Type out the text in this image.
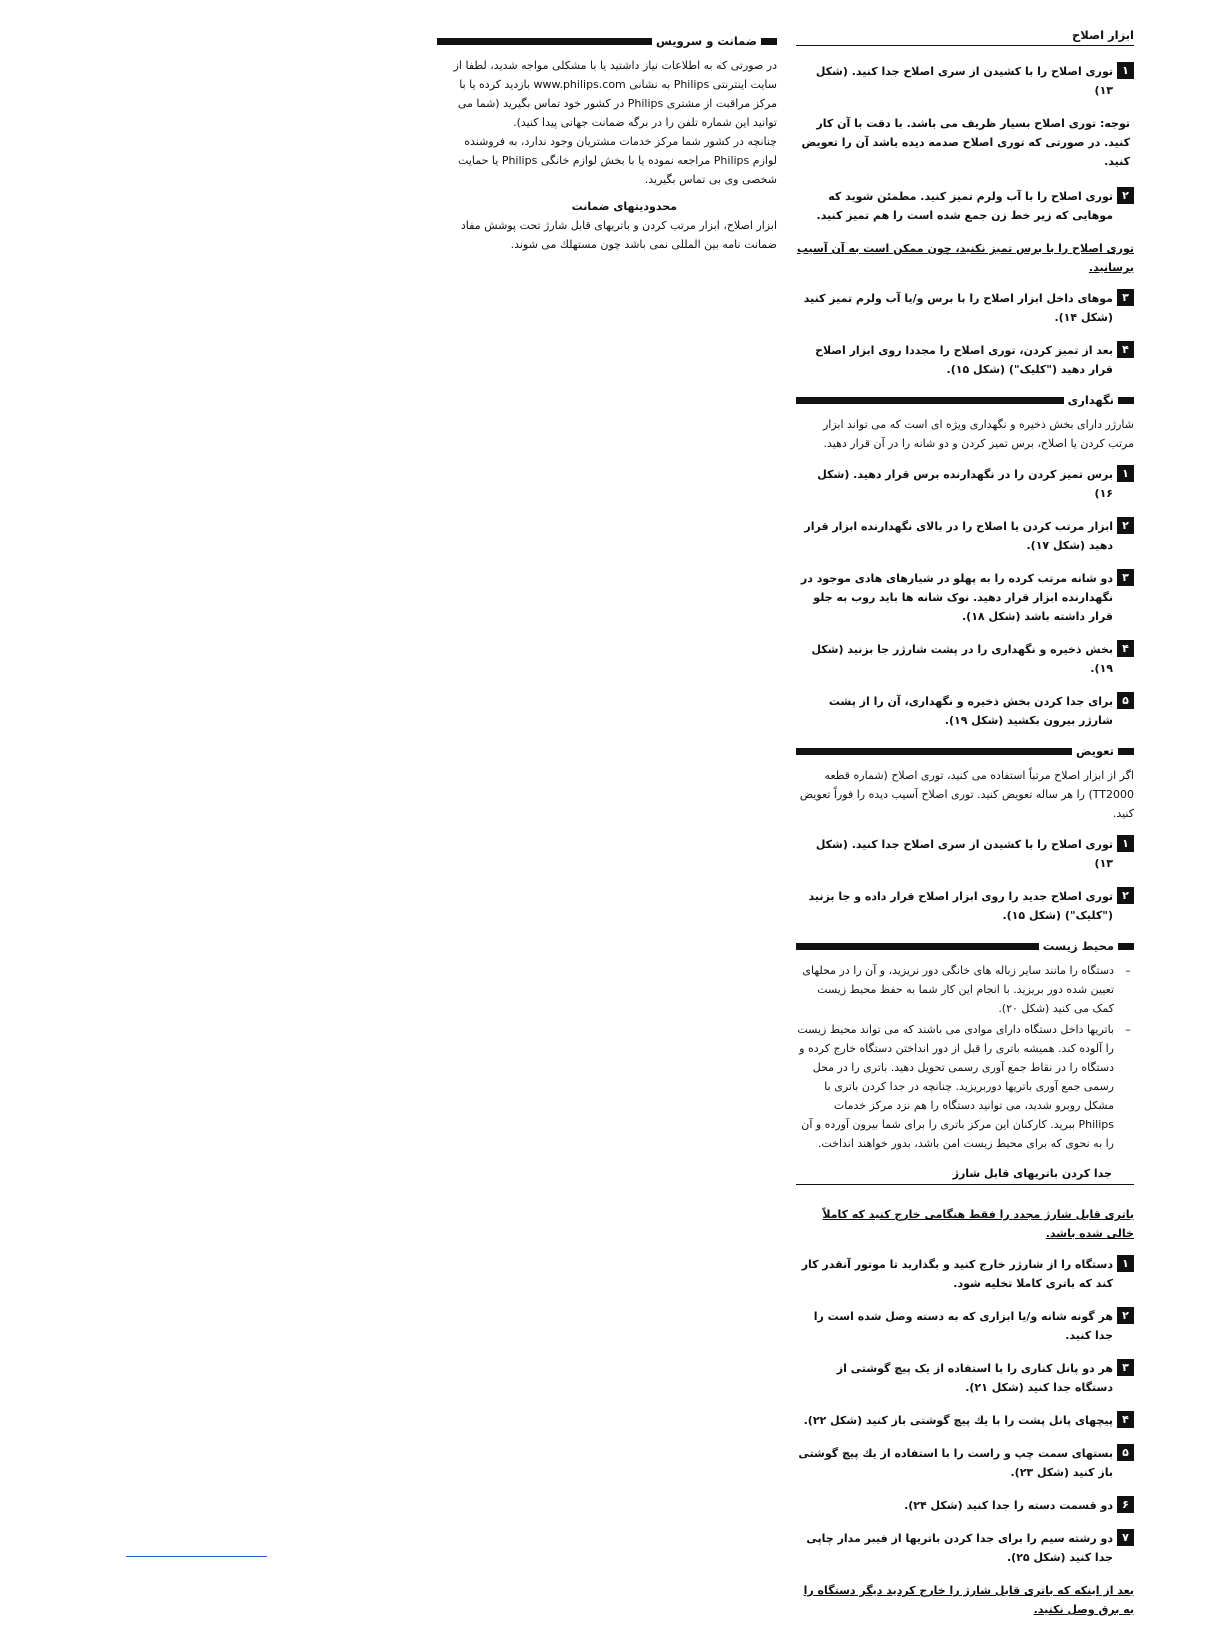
ابزار اصلاح
۱
توری اصلاح را با کشیدن از سری اصلاح جدا کنید. (شکل ۱۳)
توجه: توری اصلاح بسیار ظریف می باشد. با دقت با آن کار کنید. در صورتی که توری اصلاح صدمه دیده باشد آن را تعویض کنید.
۲
توری اصلاح را با آب ولرم تمیز کنید. مطمئن شوید که موهایی که زیر خط زن جمع شده است را هم تمیز کنید.
توری اصلاح را با برس تمیز نکنید، چون ممکن است به آن آسیب برسانید.
۳
موهای داخل ابزار اصلاح را با برس و/یا آب ولرم تمیز کنید (شکل ۱۴).
۴
بعد از تمیز کردن، توری اصلاح را مجددا روی ابزار اصلاح قرار دهید ("کلیک") (شکل ۱۵).
نگهداری
شارژر دارای بخش ذخیره و نگهداری ویژه ای است که می تواند ابزار مرتب کردن یا اصلاح، برس تمیز کردن و دو شانه را در آن قرار دهید.
۱
برس تمیز کردن را در نگهدارنده برس قرار دهید. (شکل ۱۶)
۲
ابزار مرتب کردن یا اصلاح را در بالای نگهدارنده ابزار قرار دهید (شکل ۱۷).
۳
دو شانه مرتب کرده را به پهلو در شیارهای هادی موجود در نگهدارنده ابزار قرار دهید. نوک شانه ها باید روب به جلو قرار داشته باشد (شکل ۱۸).
۴
بخش ذخیره و نگهداری را در پشت شارژر جا بزنید (شکل ۱۹).
۵
برای جدا کردن بخش ذخیره و نگهداری، آن را از پشت شارژر بیرون بکشید (شکل ۱۹).
تعویض
اگر از ابزار اصلاح مرتباً استفاده می کنید، توری اصلاح (شماره قطعه TT2000) را هر ساله تعویض کنید. توری اصلاح آسیب دیده را فوراً تعویض کنید.
۱
توری اصلاح را با کشیدن از سری اصلاح جدا کنید. (شکل ۱۳)
۲
توری اصلاح جدید را روی ابزار اصلاح قرار داده و جا بزنید ("کلیک") (شکل ۱۵).
محیط زیست
–
دستگاه را مانند سایر زباله های خانگی دور نریزید، و آن را در محلهای تعیین شده دور بریزید. با انجام این کار شما به حفظ محیط زیست کمک می کنید (شکل ۲۰).
–
باتریها داخل دستگاه دارای موادی می باشند که می تواند محیط زیست را آلوده کند. همیشه باتری را قبل از دور انداختن دستگاه خارج کرده و دستگاه را در نقاط جمع آوری رسمی تحویل دهید. باتری را در محل رسمی جمع آوری باتریها دوربریزید. چنانچه در جدا کردن باتری با مشکل روبرو شدید، می توانید دستگاه را هم نزد مرکز خدمات Philips ببرید. کارکنان این مرکز باتری را برای شما بیرون آورده و آن را به نحوی که برای محیط زیست امن باشد، بدور خواهند انداخت.
جدا کردن باتریهای قابل شارژ
باتری قابل شارژ مجدد را فقط هنگامی خارج کنید که کاملاً خالی شده باشد.
۱
دستگاه را از شارژر خارج کنید و بگذارید تا موتور آنقدر کار کند که باتری کاملا تخلیه شود.
۲
هر گونه شانه و/یا ابزاری که به دسته وصل شده است را جدا کنید.
۳
هر دو پانل کناری را با استفاده از یک پیچ گوشتی از دستگاه جدا کنید (شکل ۲۱).
۴
پیچهای پانل پشت را با یك پیچ گوشتی باز كنید (شکل ۲۲).
۵
بستهای سمت چپ و راست را با استفاده از یك پیچ گوشتی باز كنید (شکل ۲۳).
۶
دو قسمت دسته را جدا کنید (شکل ۲۴).
۷
دو رشته سیم را برای جدا کردن باتریها از فیبر مدار چاپی جدا کنید (شکل ۲۵).
بعد از اینکه که باتری قابل شارژ را خارج کردید دیگر دستگاه را به برق وصل نکنید.
ضمانت و سرویس

در صورتی که به اطلاعات نیاز داشتید یا با مشکلی مواجه شدید، لطفا از سایت اینترنتی Philips به نشانی www.philips.com بازدید کرده یا با مرکز مراقبت از مشتری Philips در کشور خود تماس بگیرید (شما می توانید این شماره تلفن را در برگه ضمانت جهانی پیدا کنید).

چنانچه در کشور شما مرکز خدمات مشتریان وجود ندارد، به فروشنده لوازم Philips مراجعه نموده یا با بخش لوازم خانگی Philips یا حمایت شخصی وی بی تماس بگیرید.

محدودیتهای ضمانت

ابزار اصلاح، ابزار مرتب کردن و باتریهای قابل شارژ تحت پوشش مفاد ضمانت نامه بین المللی نمی باشد چون مستهلك می شوند.
